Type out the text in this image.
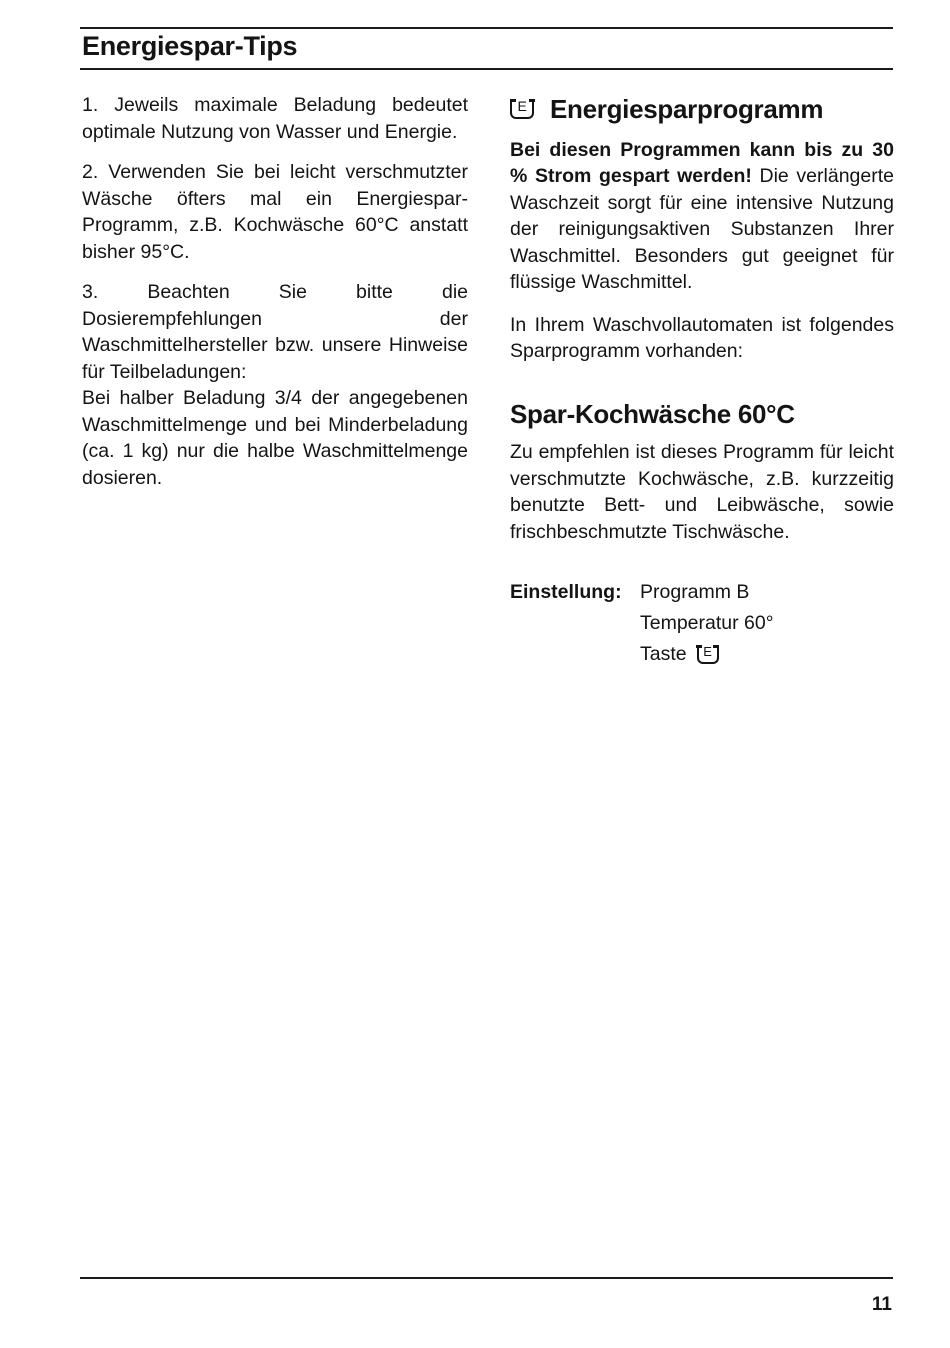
Energiespar-Tips

1. Jeweils maximale Beladung bedeutet optimale Nutzung von Wasser und Energie.

2. Verwenden Sie bei leicht verschmutzter Wäsche öfters mal ein Energiespar-Programm, z.B. Kochwäsche 60°C anstatt bisher 95°C.

3. Beachten Sie bitte die Dosierempfehlungen der Waschmittelhersteller bzw. unsere Hinweise für Teilbeladungen:

Bei halber Beladung 3/4 der angegebenen Waschmittelmenge und bei Minderbeladung (ca. 1 kg) nur die halbe Waschmittelmenge dosieren.

E Energiesparprogramm

Bei diesen Programmen kann bis zu 30 % Strom gespart werden! Die verlängerte Waschzeit sorgt für eine intensive Nutzung der reinigungsaktiven Substanzen Ihrer Waschmittel. Besonders gut geeignet für flüssige Waschmittel.

In Ihrem Waschvollautomaten ist folgendes Sparprogramm vorhanden:

Spar-Kochwäsche 60°C

Zu empfehlen ist dieses Programm für leicht verschmutzte Kochwäsche, z.B. kurzzeitig benutzte Bett- und Leibwäsche, sowie frischbeschmutzte Tischwäsche.

Einstellung: Programm B
Temperatur 60°
Taste	E
11
